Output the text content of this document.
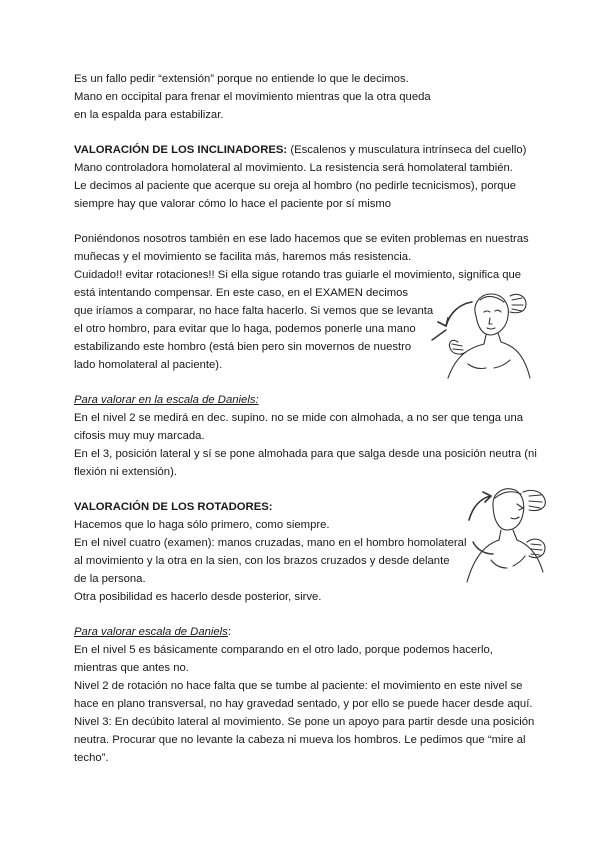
Es un fallo pedir “extensión” porque no entiende lo que le decimos.
Mano en occipital para frenar el movimiento mientras que la otra queda
en la espalda para estabilizar.
VALORACIÓN DE LOS INCLINADORES: (Escalenos y musculatura intrínseca del cuello)
Mano controladora homolateral al movimiento. La resistencia será homolateral también.
Le decimos al paciente que acerque su oreja al hombro (no pedirle tecnicismos), porque
siempre hay que valorar cómo lo hace el paciente por sí mismo
Poniéndonos nosotros también en ese lado hacemos que se eviten problemas en nuestras
muñecas y el movimiento se facilita más, haremos más resistencia.
Cuidado!! evitar rotaciones!! Si ella sigue rotando tras guiarle el movimiento, significa que
está intentando compensar. En este caso, en el EXAMEN decimos
que iríamos a comparar, no hace falta hacerlo. Si vemos que se levanta
el otro hombro, para evitar que lo haga, podemos ponerle una mano
estabilizando este hombro (está bien pero sin movernos de nuestro
lado homolateral al paciente).
Para valorar en la escala de Daniels:
En el nivel 2 se medirá en dec. supino. no se mide con almohada, a no ser que tenga una
cifosis muy muy marcada.
En el 3, posición lateral y sí se pone almohada para que salga desde una posición neutra (ni
flexión ni extensión).
VALORACIÓN DE LOS ROTADORES:
Hacemos que lo haga sólo primero, como siempre.
En el nivel cuatro (examen): manos cruzadas, mano en el hombro homolateral
al movimiento y la otra en la sien, con los brazos cruzados y desde delante
de la persona.
Otra posibilidad es hacerlo desde posterior, sirve.
Para valorar escala de Daniels:
En el nivel 5 es básicamente comparando en el otro lado, porque podemos hacerlo,
mientras que antes no.
Nivel 2 de rotación no hace falta que se tumbe al paciente: el movimiento en este nivel se
hace en plano transversal, no hay gravedad sentado, y por ello se puede hacer desde aquí.
Nivel 3: En decúbito lateral al movimiento. Se pone un apoyo para partir desde una posición
neutra. Procurar que no levante la cabeza ni mueva los hombros. Le pedimos que “mire al
techo”.
